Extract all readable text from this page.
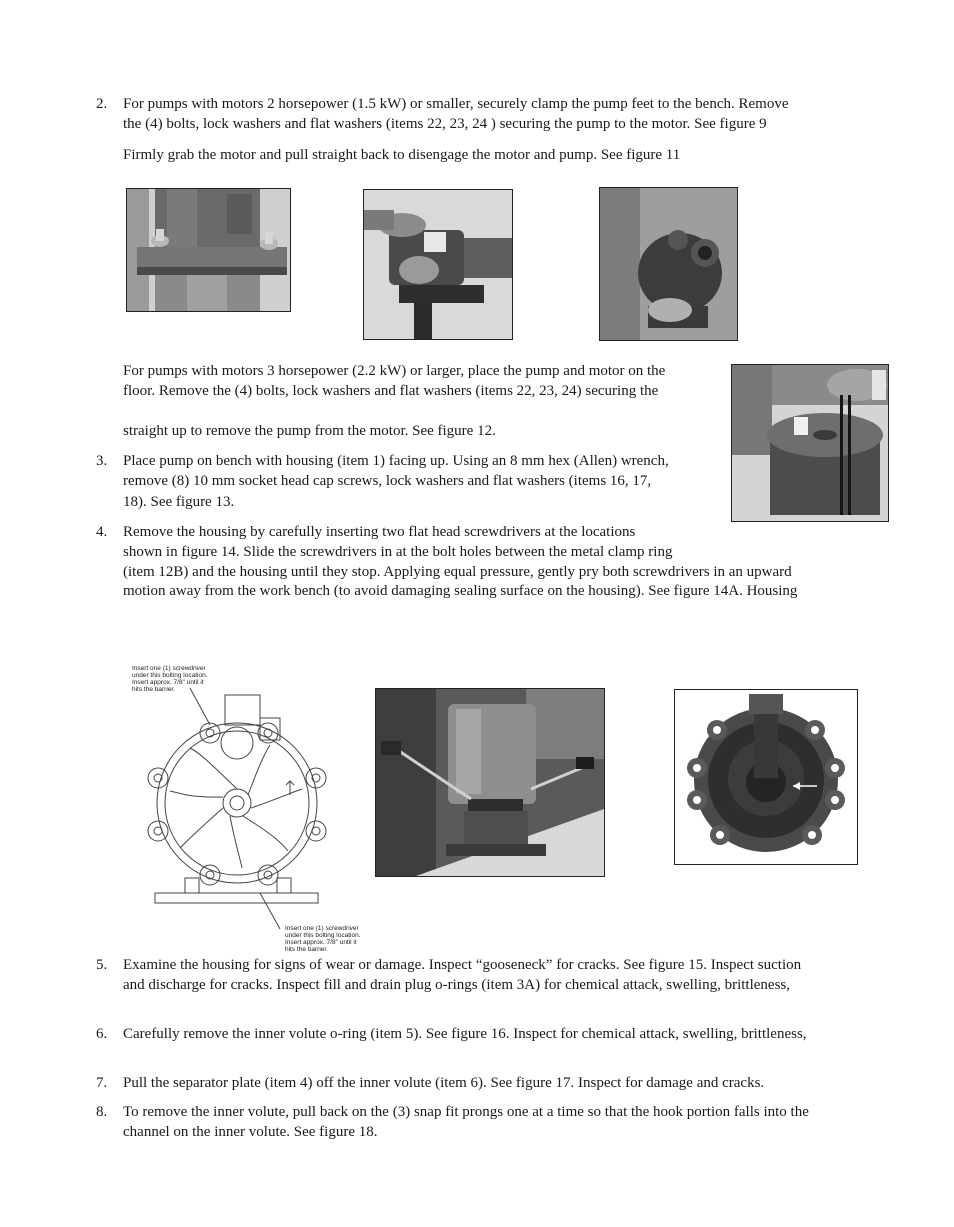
2. For pumps with motors 2 horsepower (1.5 kW) or smaller, securely clamp the pump feet to the bench. Remove
the (4) bolts, lock washers and flat washers (items 22, 23, 24 ) securing the pump to the motor. See figure 9
Firmly grab the motor and pull straight back to disengage the motor and pump. See figure 11
For pumps with motors 3 horsepower (2.2 kW) or larger, place the pump and motor on the
floor. Remove the (4) bolts, lock washers and flat washers (items 22, 23, 24) securing the
straight up to remove the pump from the motor. See figure 12.
3. Place pump on bench with housing (item 1) facing up. Using an 8 mm hex (Allen) wrench,
remove (8) 10 mm socket head cap screws, lock washers and flat washers (items 16, 17,
18). See figure 13.
4. Remove the housing by carefully inserting two flat head screwdrivers at the locations
shown in figure 14. Slide the screwdrivers in at the bolt holes between the metal clamp ring
(item 12B) and the housing until they stop. Applying equal pressure, gently pry both screwdrivers in an upward
motion away from the work bench (to avoid damaging sealing surface on the housing). See figure 14A. Housing
Insert one (1) screwdriver
under this bolting location.
Insert approx. 7/8" until it
hits the barrier.
Insert one (1) screwdriver
under this bolting location.
Insert approx. 7/8" until it
hits the barrier.
5. Examine the housing for signs of wear or damage. Inspect “gooseneck” for cracks. See figure 15. Inspect suction
and discharge for cracks. Inspect fill and drain plug o-rings (item 3A) for chemical attack, swelling, brittleness,
6. Carefully remove the inner volute o-ring (item 5). See figure 16. Inspect for chemical attack, swelling, brittleness,
7. Pull the separator plate (item 4) off the inner volute (item 6). See figure 17. Inspect for damage and cracks.
8. To remove the inner volute, pull back on the (3) snap fit prongs one at a time so that the hook portion falls into the
channel on the inner volute. See figure 18.
